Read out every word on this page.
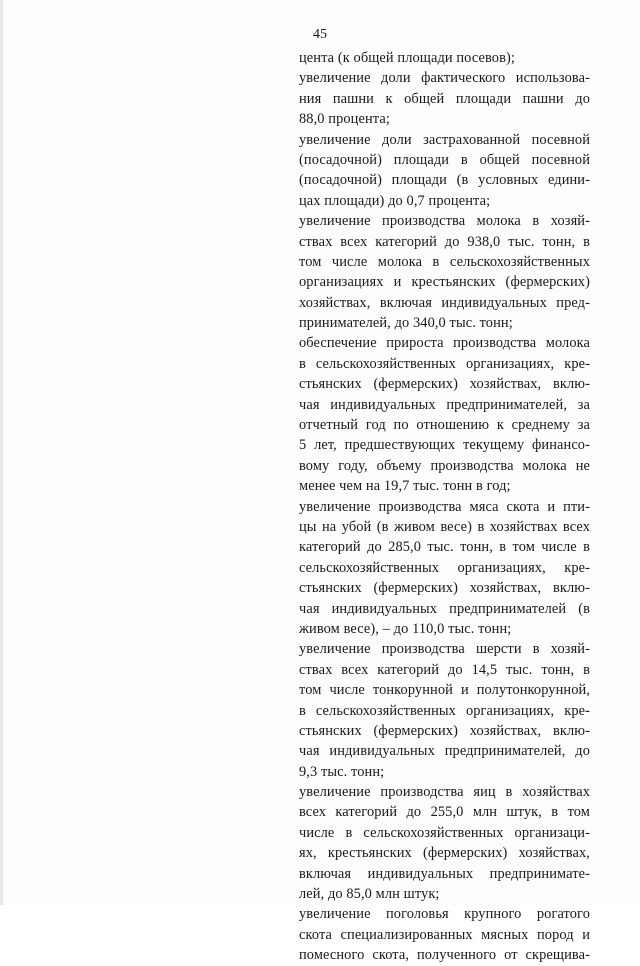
45
цента (к общей площади посевов);
увеличение доли фактического использова-
ния пашни к общей площади пашни до
88,0 процента;
увеличение доли застрахованной посевной
(посадочной) площади в общей посевной
(посадочной) площади (в условных едини-
цах площади) до 0,7 процента;
увеличение производства молока в хозяй-
ствах всех категорий до 938,0 тыс. тонн, в
том числе молока в сельскохозяйственных
организациях и крестьянских (фермерских)
хозяйствах, включая индивидуальных пред-
принимателей, до 340,0 тыс. тонн;
обеспечение прироста производства молока
в сельскохозяйственных организациях, кре-
стьянских (фермерских) хозяйствах, вклю-
чая индивидуальных предпринимателей, за
отчетный год по отношению к среднему за
5 лет, предшествующих текущему финансо-
вому году, объему производства молока не
менее чем на 19,7 тыс. тонн в год;
увеличение производства мяса скота и пти-
цы на убой (в живом весе) в хозяйствах всех
категорий до 285,0 тыс. тонн, в том числе в
сельскохозяйственных организациях, кре-
стьянских (фермерских) хозяйствах, вклю-
чая индивидуальных предпринимателей (в
живом весе), – до 110,0 тыс. тонн;
увеличение производства шерсти в хозяй-
ствах всех категорий до 14,5 тыс. тонн, в
том числе тонкорунной и полутонкорунной,
в сельскохозяйственных организациях, кре-
стьянских (фермерских) хозяйствах, вклю-
чая индивидуальных предпринимателей, до
9,3 тыс. тонн;
увеличение производства яиц в хозяйствах
всех категорий до 255,0 млн штук, в том
числе в сельскохозяйственных организаци-
ях, крестьянских (фермерских) хозяйствах,
включая индивидуальных предпринимате-
лей, до 85,0 млн штук;
увеличение поголовья крупного рогатого
скота специализированных мясных пород и
помесного скота, полученного от скрещива-
